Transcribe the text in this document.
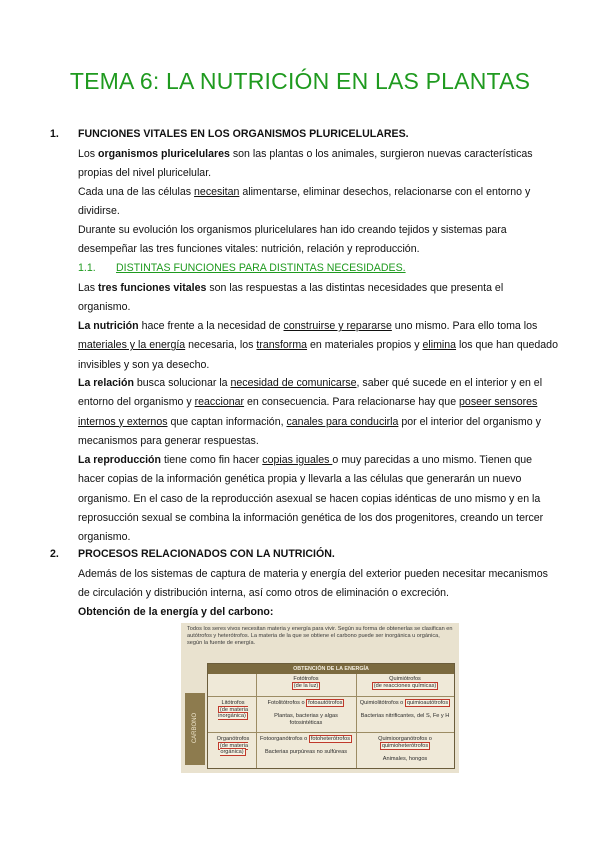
TEMA 6: LA NUTRICIÓN EN LAS PLANTAS
1. FUNCIONES VITALES EN LOS ORGANISMOS PLURICELULARES.
Los organismos pluricelulares son las plantas o los animales, surgieron nuevas características propias del nivel pluricelular.
Cada una de las células necesitan alimentarse, eliminar desechos, relacionarse con el entorno y dividirse.
Durante su evolución los organismos pluricelulares han ido creando tejidos y sistemas para desempeñar las tres funciones vitales: nutrición, relación y reproducción.
1.1. DISTINTAS FUNCIONES PARA DISTINTAS NECESIDADES.
Las tres funciones vitales son las respuestas a las distintas necesidades que presenta el organismo.
La nutrición hace frente a la necesidad de construirse y repararse uno mismo. Para ello toma los materiales y la energía necesaria, los transforma en materiales propios y elimina los que han quedado invisibles y son ya desecho.
La relación busca solucionar la necesidad de comunicarse, saber qué sucede en el interior y en el entorno del organismo y reaccionar en consecuencia. Para relacionarse hay que poseer sensores internos y externos que captan información, canales para conducirla por el interior del organismo y mecanismos para generar respuestas.
La reproducción tiene como fin hacer copias iguales o muy parecidas a uno mismo. Tienen que hacer copias de la información genética propia y llevarla a las células que generarán un nuevo organismo. En el caso de la reproducción asexual se hacen copias idénticas de uno mismo y en la reprosucción sexual se combina la información genética de los dos progenitores, creando un tercer organismo.
2. PROCESOS RELACIONADOS CON LA NUTRICIÓN.
Además de los sistemas de captura de materia y energía del exterior pueden necesitar mecanismos de circulación y distribución interna, así como otros de eliminación o excreción.
Obtención de la energía y del carbono:
Todos los seres vivos necesitan materia y energía para vivir. Según su forma de obtenerlas se clasifican en autótrofos y heterótrofos. La materia de la que se obtiene el carbono puede ser inorgánica u orgánica, según la fuente de energía.
OBTENCIÓN DE LA ENERGÍA
Fotótrofos
(de la luz)
Quimiótrofos
(de reacciones químicas)
Litótrofos
(de materia inorgánica)
Organótrofos
(de materia orgánica)
Fotolitótrofos o fotoautótrofos
Plantas, bacterias y algas fotosintéticas
Quimiolitótrofos o quimioautótrofos
Bacterias nitrificantes, del S, Fe y H
Fotoorganótrofos o fotoheterótrofos
Bacterias purpúreas no sulfúreas
Quimioorganótrofos o quimioheterótrofos
Animales, hongos
CARBONO
